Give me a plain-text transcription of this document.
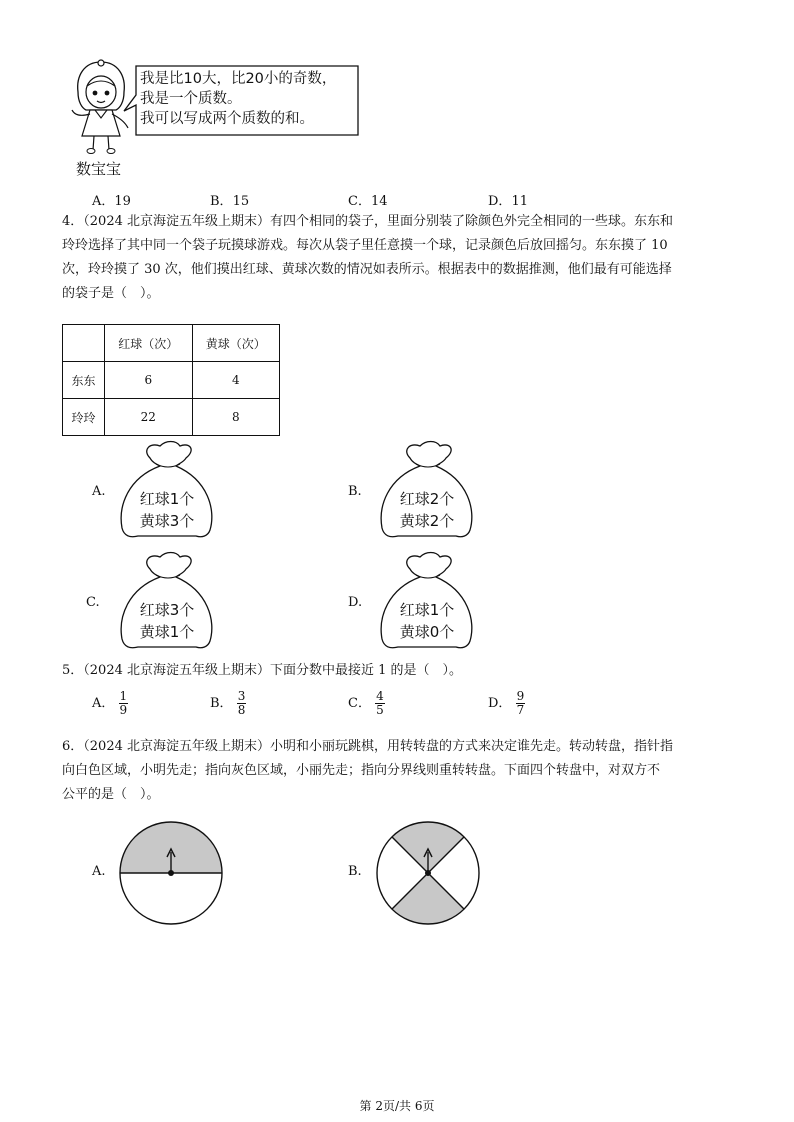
我是比10大，比20小的奇数，
我是一个质数。
我可以写成两个质数的和。
数宝宝
A．19	B．15	C．14	D．11
4．（2024 北京海淀五年级上期末）有四个相同的袋子，里面分别装了除颜色外完全相同的一些球。东东和
玲玲选择了其中同一个袋子玩摸球游戏。每次从袋子里任意摸一个球，记录颜色后放回摇匀。东东摸了 10
次，玲玲摸了 30 次，他们摸出红球、黄球次数的情况如表所示。根据表中的数据推测，他们最有可能选择
的袋子是（　）。
	红球（次）	黄球（次）
东东	6	4
玲玲	22	8
A.	红球1个
黄球3个
B.	红球2个
黄球2个
C.	红球3个
黄球1个
D.	红球1个
黄球0个
5．（2024 北京海淀五年级上期末）下面分数中最接近 1 的是（　）。
A． $\frac{1}{9}$	B． $\frac{3}{8}$	C． $\frac{4}{5}$	D． $\frac{9}{7}$
6．（2024 北京海淀五年级上期末）小明和小丽玩跳棋，用转转盘的方式来决定谁先走。转动转盘，指针指
向白色区域，小明先走；指向灰色区域，小丽先走；指向分界线则重转转盘。下面四个转盘中，对双方不
公平的是（　）。
A.	B.
第 2页/共 6页
